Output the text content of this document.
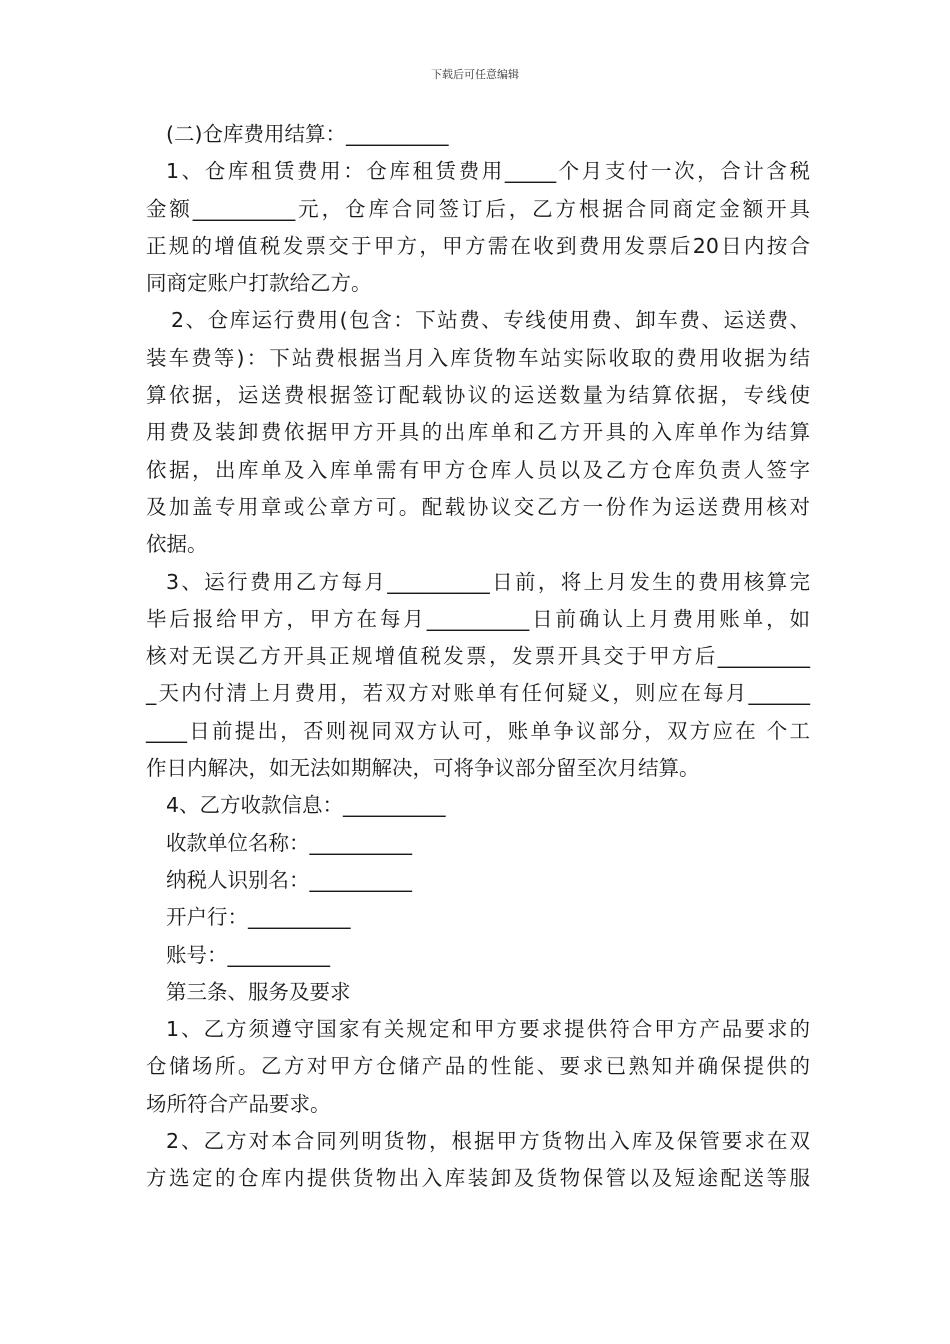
下载后可任意编辑
(二)仓库费用结算：__________
1、仓库租赁费用：仓库租赁费用_____个月支付一次，合计含税
金额__________元，仓库合同签订后，乙方根据合同商定金额开具
正规的增值税发票交于甲方，甲方需在收到费用发票后20日内按合
同商定账户打款给乙方。
2、仓库运行费用(包含：下站费、专线使用费、卸车费、运送费、
装车费等)：下站费根据当月入库货物车站实际收取的费用收据为结
算依据，运送费根据签订配载协议的运送数量为结算依据，专线使
用费及装卸费依据甲方开具的出库单和乙方开具的入库单作为结算
依据，出库单及入库单需有甲方仓库人员以及乙方仓库负责人签字
及加盖专用章或公章方可。配载协议交乙方一份作为运送费用核对
依据。
3、运行费用乙方每月__________日前，将上月发生的费用核算完
毕后报给甲方，甲方在每月__________日前确认上月费用账单，如
核对无误乙方开具正规增值税发票，发票开具交于甲方后_________
_天内付清上月费用，若双方对账单有任何疑义，则应在每月______
____日前提出，否则视同双方认可，账单争议部分，双方应在 个工
作日内解决，如无法如期解决，可将争议部分留至次月结算。
4、乙方收款信息：__________
收款单位名称：__________
纳税人识别名：__________
开户行：__________
账号：__________
第三条、服务及要求
1、乙方须遵守国家有关规定和甲方要求提供符合甲方产品要求的
仓储场所。乙方对甲方仓储产品的性能、要求已熟知并确保提供的
场所符合产品要求。
2、乙方对本合同列明货物，根据甲方货物出入库及保管要求在双
方选定的仓库内提供货物出入库装卸及货物保管以及短途配送等服
